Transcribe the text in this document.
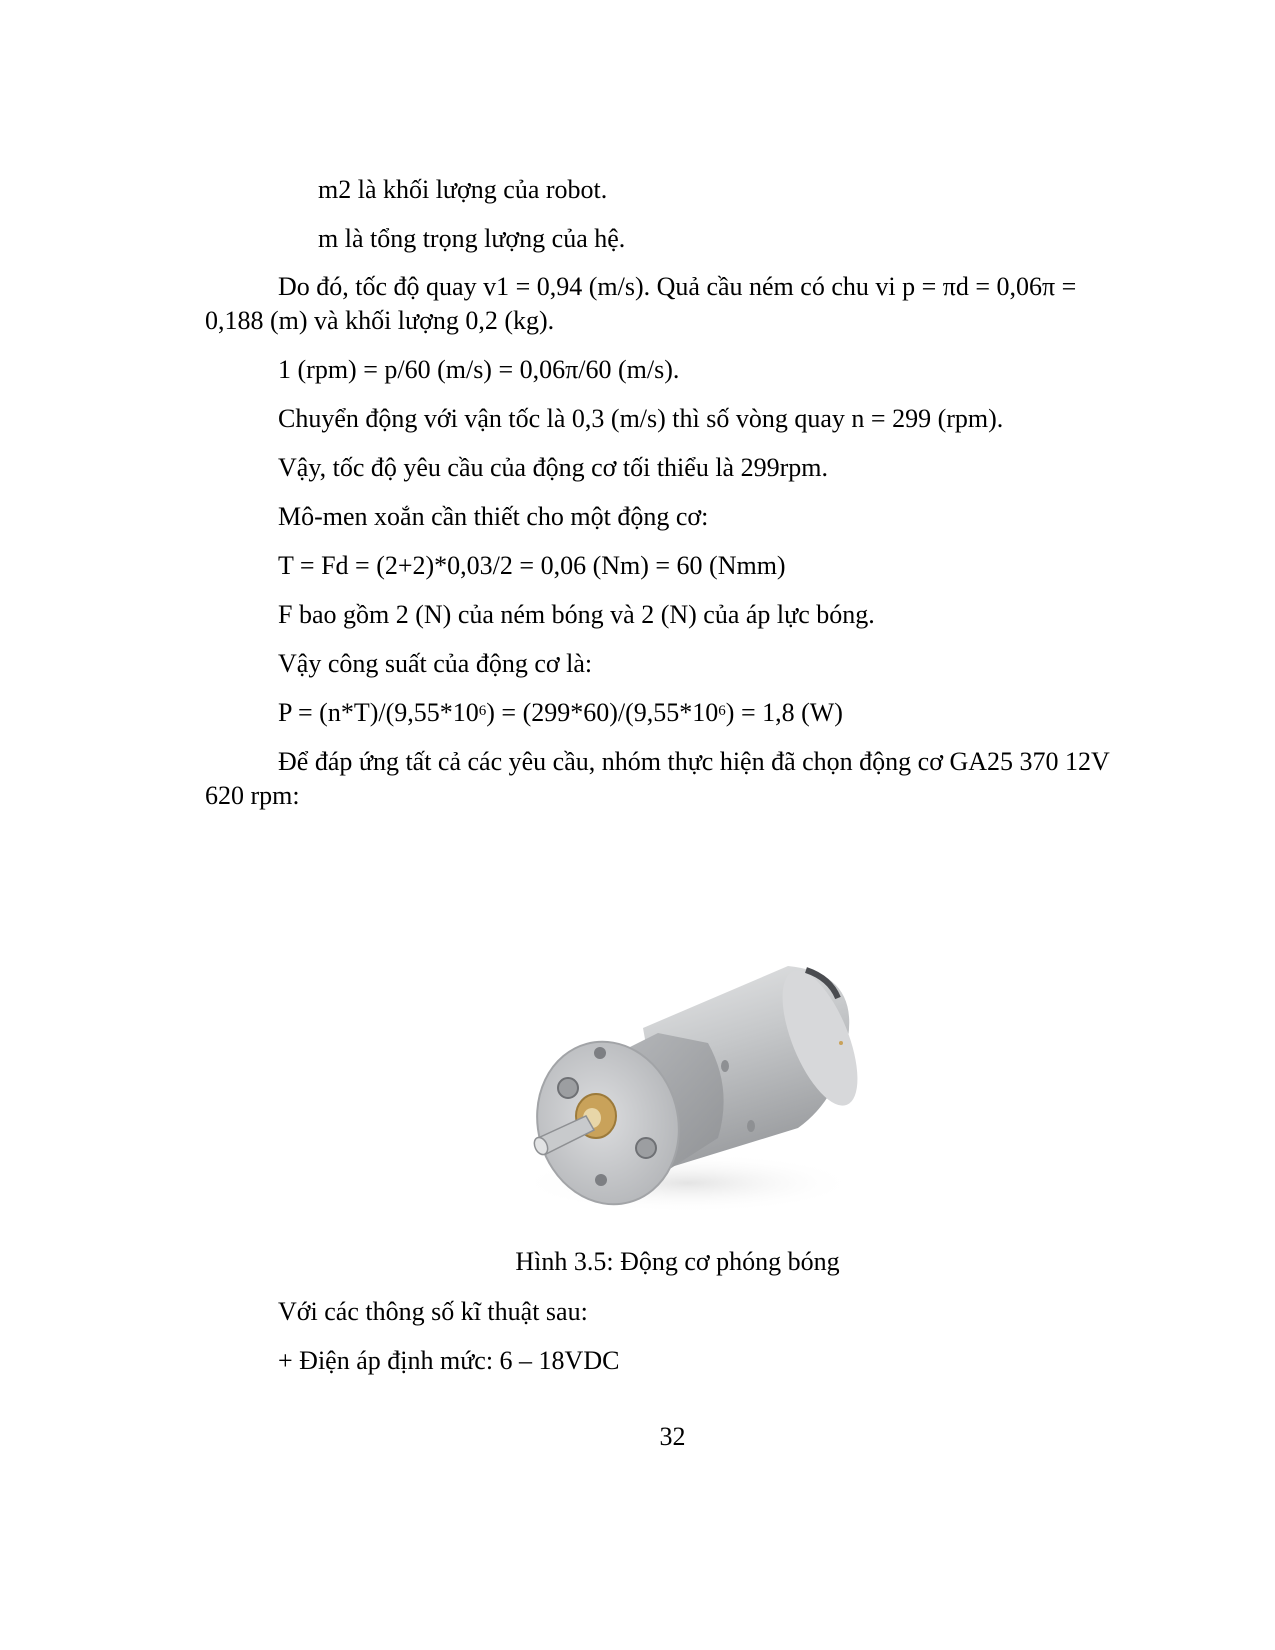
m2 là khối lượng của robot.
m là tổng trọng lượng của hệ.
Do đó, tốc độ quay v1 = 0,94 (m/s). Quả cầu ném có chu vi p = πd = 0,06π =
0,188 (m) và khối lượng 0,2 (kg).
1 (rpm) = p/60 (m/s) = 0,06π/60 (m/s).
Chuyển động với vận tốc là 0,3 (m/s) thì số vòng quay n = 299 (rpm).
Vậy, tốc độ yêu cầu của động cơ tối thiểu là 299rpm.
Mô-men xoắn cần thiết cho một động cơ:
T = Fd = (2+2)*0,03/2 = 0,06 (Nm) = 60 (Nmm)
F bao gồm 2 (N) của ném bóng và 2 (N) của áp lực bóng.
Vậy công suất của động cơ là:
$P = (n*T)/(9,55*10^6) = (299*60)/(9,55*10^6) = 1,8$ (W)
Để đáp ứng tất cả các yêu cầu, nhóm thực hiện đã chọn động cơ GA25 370 12V
620 rpm:
Hình 3.5: Động cơ phóng bóng
Với các thông số kĩ thuật sau:
+ Điện áp định mức: 6 – 18VDC
32
